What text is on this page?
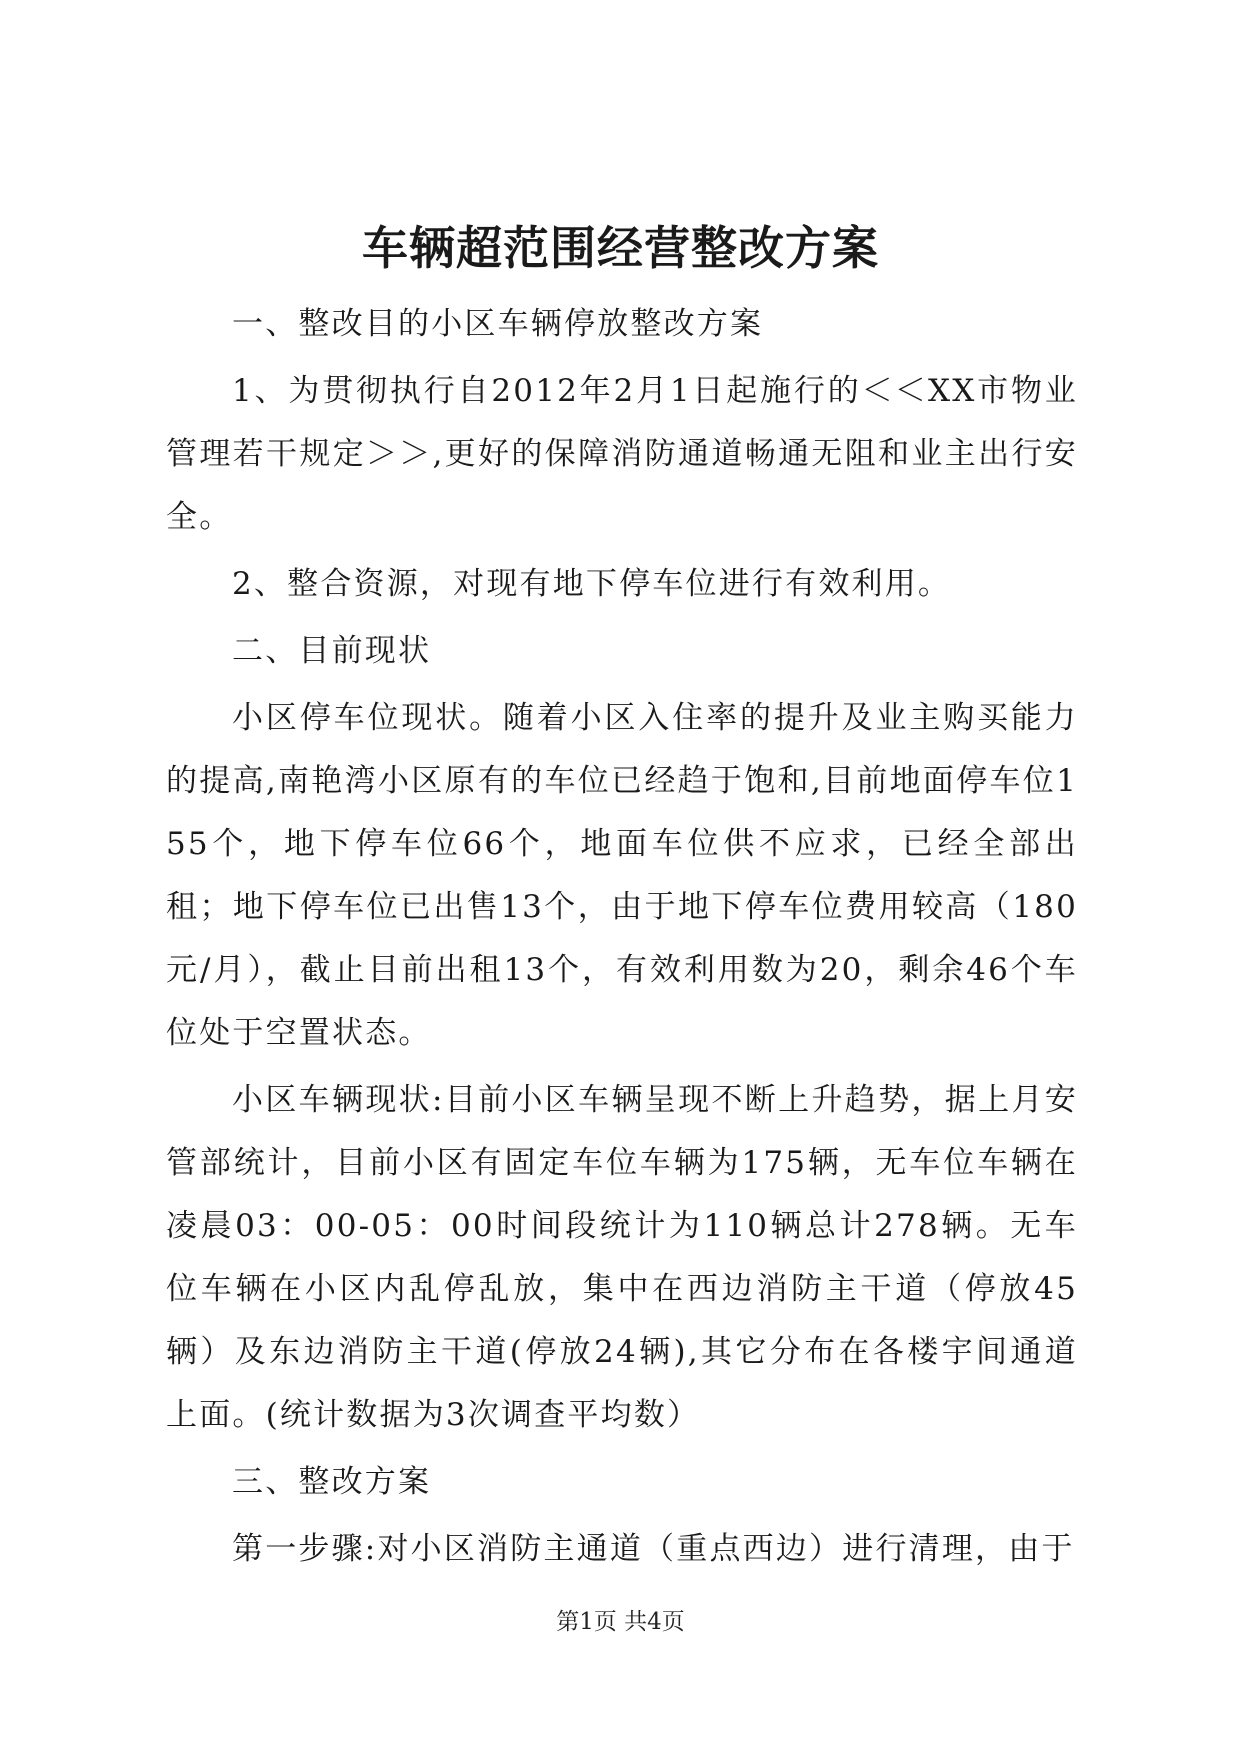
车辆超范围经营整改方案

一、整改目的小区车辆停放整改方案

1、为贯彻执行自2012年2月1日起施行的＜＜XX市物业管理若干规定＞＞,更好的保障消防通道畅通无阻和业主出行安全。

2、整合资源，对现有地下停车位进行有效利用。

二、目前现状

小区停车位现状。随着小区入住率的提升及业主购买能力的提高,南艳湾小区原有的车位已经趋于饱和,目前地面停车位155个，地下停车位66个，地面车位供不应求，已经全部出租；地下停车位已出售13个，由于地下停车位费用较高（180元/月），截止目前出租13个，有效利用数为20，剩余46个车位处于空置状态。

小区车辆现状:目前小区车辆呈现不断上升趋势，据上月安管部统计，目前小区有固定车位车辆为175辆，无车位车辆在凌晨03：00-05：00时间段统计为110辆总计278辆。无车位车辆在小区内乱停乱放，集中在西边消防主干道（停放45辆）及东边消防主干道(停放24辆),其它分布在各楼宇间通道上面。(统计数据为3次调查平均数）

三、整改方案

第一步骤:对小区消防主通道（重点西边）进行清理，由于

第1页 共4页
